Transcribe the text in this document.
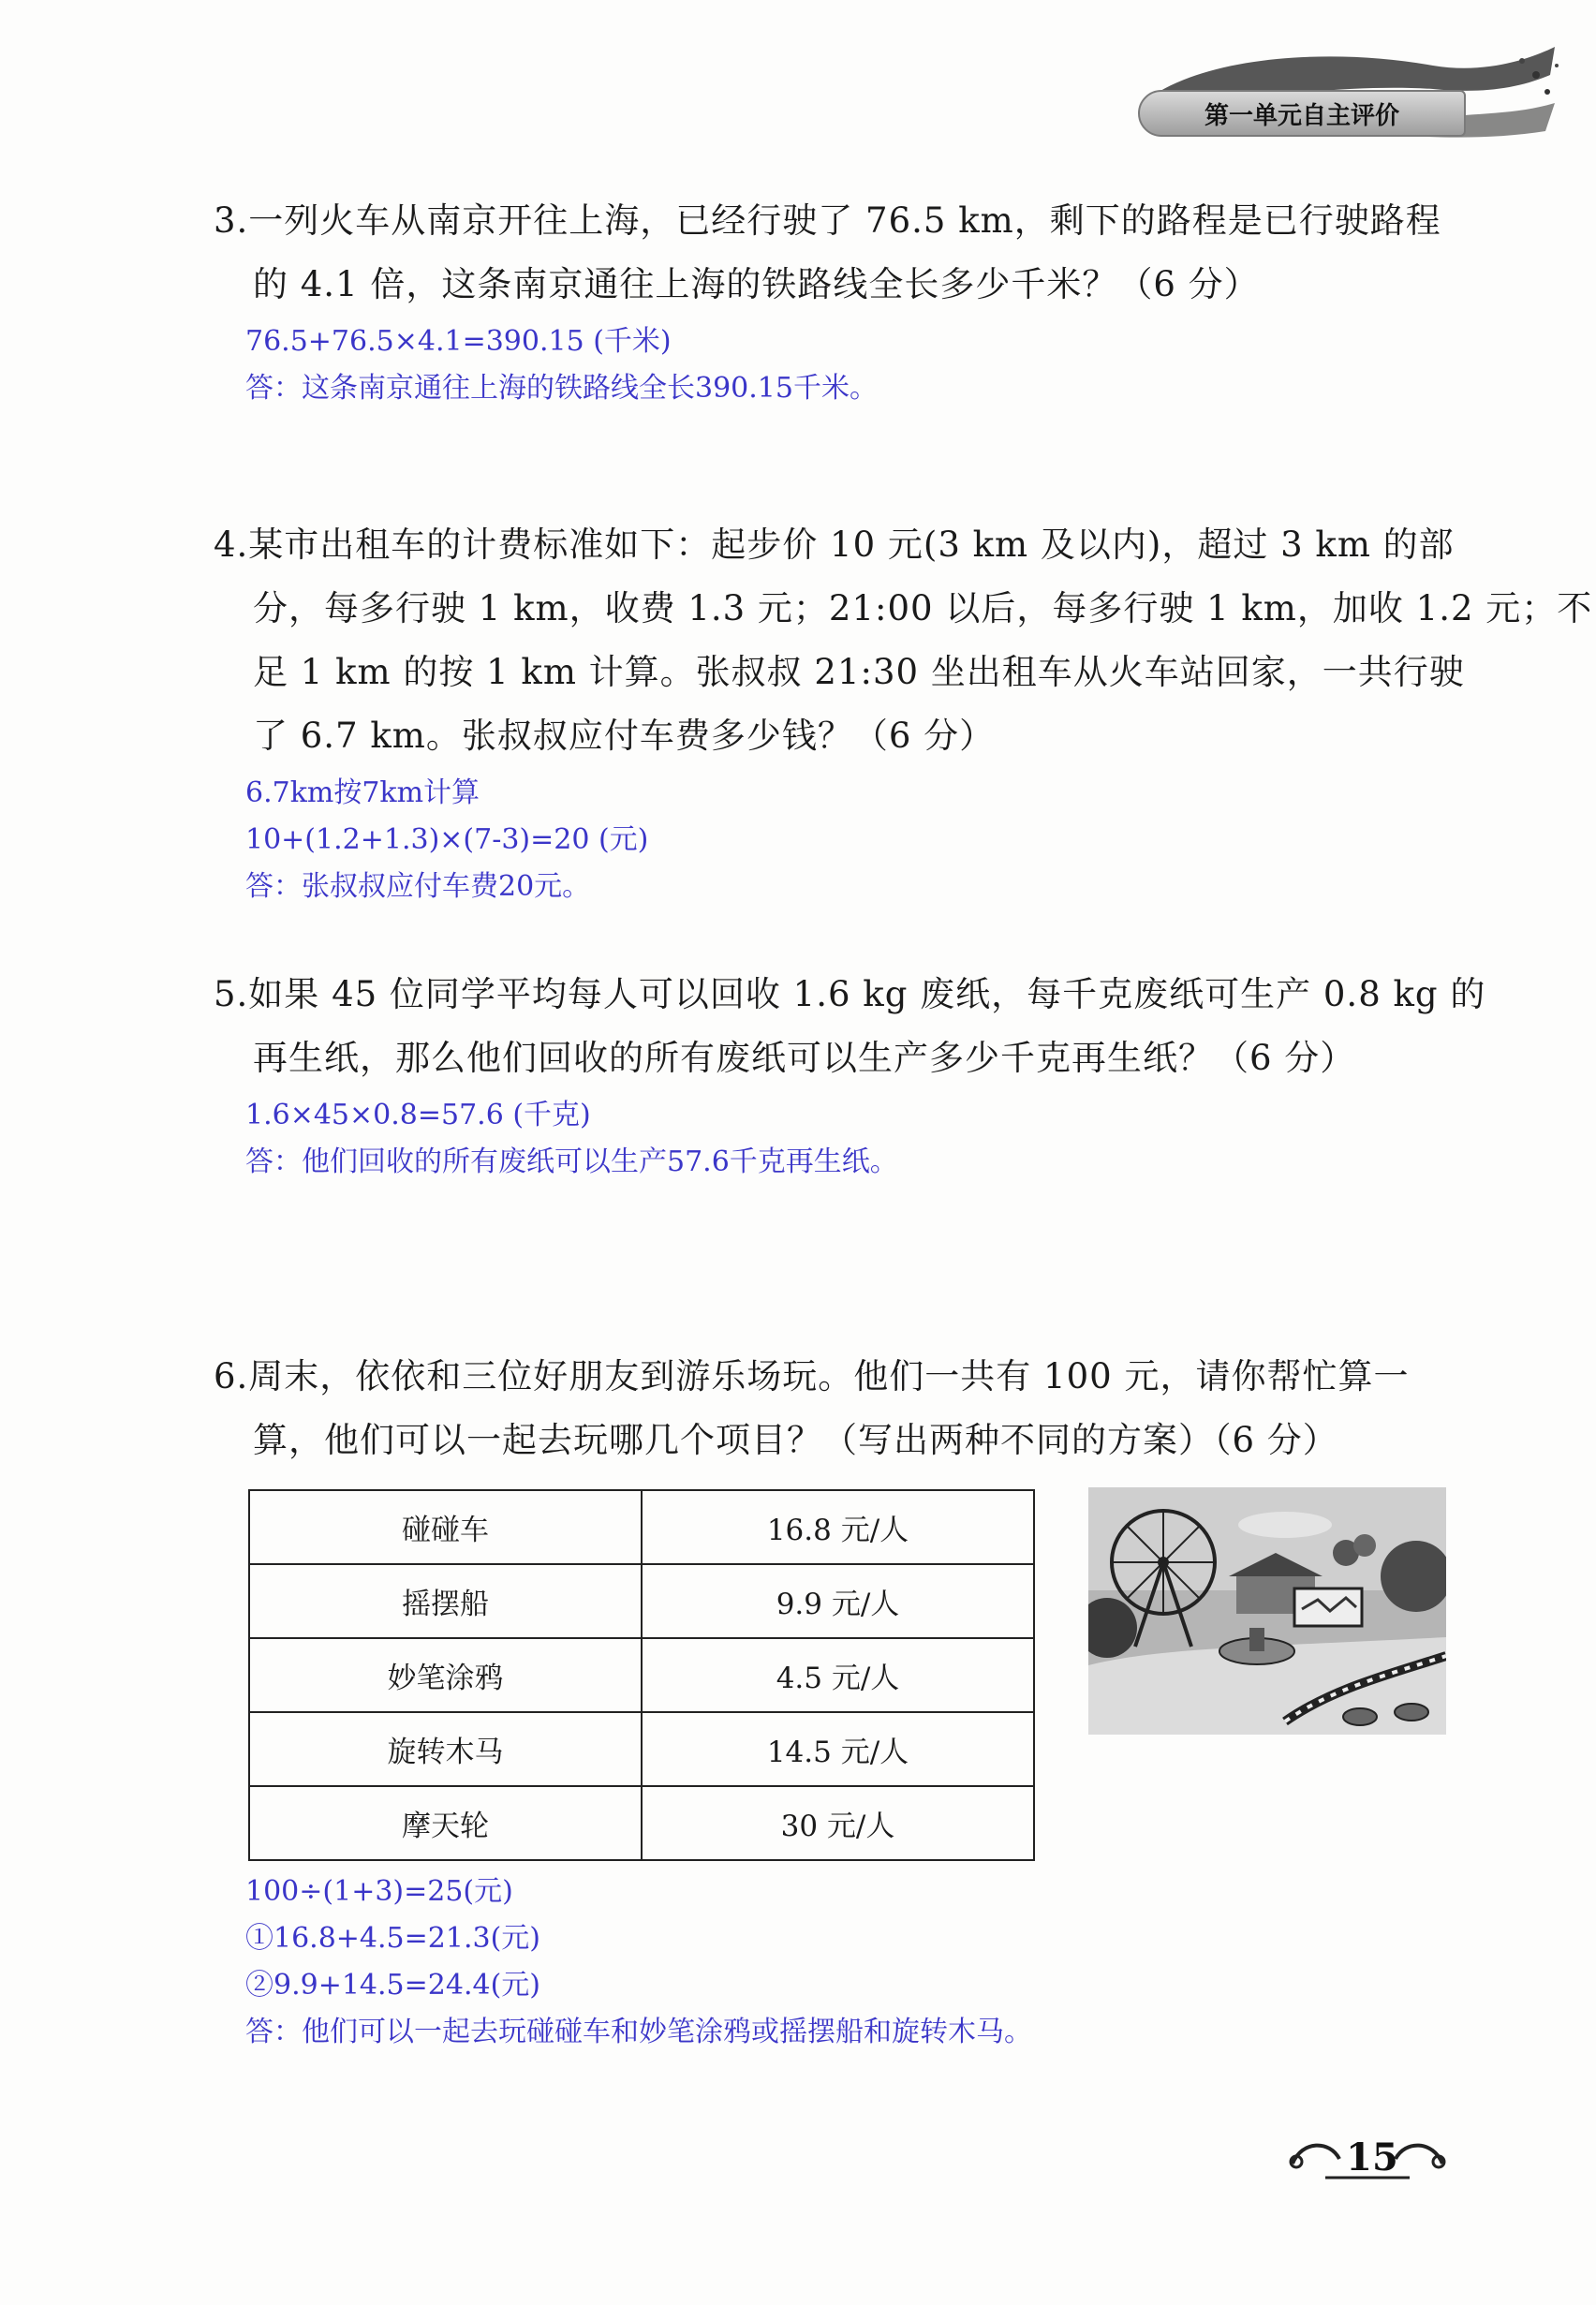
第一单元自主评价
3.一列火车从南京开往上海，已经行驶了 76.5 km，剩下的路程是已行驶路程
的 4.1 倍，这条南京通往上海的铁路线全长多少千米？（6 分）
76.5+76.5×4.1=390.15 (千米)
答：这条南京通往上海的铁路线全长390.15千米。
4.某市出租车的计费标准如下：起步价 10 元(3 km 及以内)，超过 3 km 的部
分，每多行驶 1 km，收费 1.3 元；21:00 以后，每多行驶 1 km，加收 1.2 元；不
足 1 km 的按 1 km 计算。张叔叔 21:30 坐出租车从火车站回家，一共行驶
了 6.7 km。张叔叔应付车费多少钱？（6 分）
6.7km按7km计算
10+(1.2+1.3)×(7-3)=20 (元)
答：张叔叔应付车费20元。
5.如果 45 位同学平均每人可以回收 1.6 kg 废纸，每千克废纸可生产 0.8 kg 的
再生纸，那么他们回收的所有废纸可以生产多少千克再生纸？（6 分）
1.6×45×0.8=57.6 (千克)
答：他们回收的所有废纸可以生产57.6千克再生纸。
6.周末，依依和三位好朋友到游乐场玩。他们一共有 100 元，请你帮忙算一
算，他们可以一起去玩哪几个项目？（写出两种不同的方案）（6 分）
碰碰车	16.8 元/人
摇摆船	9.9 元/人
妙笔涂鸦	4.5 元/人
旋转木马	14.5 元/人
摩天轮	30 元/人
100÷(1+3)=25(元)
①16.8+4.5=21.3(元)
②9.9+14.5=24.4(元)
答：他们可以一起去玩碰碰车和妙笔涂鸦或摇摆船和旋转木马。
15
